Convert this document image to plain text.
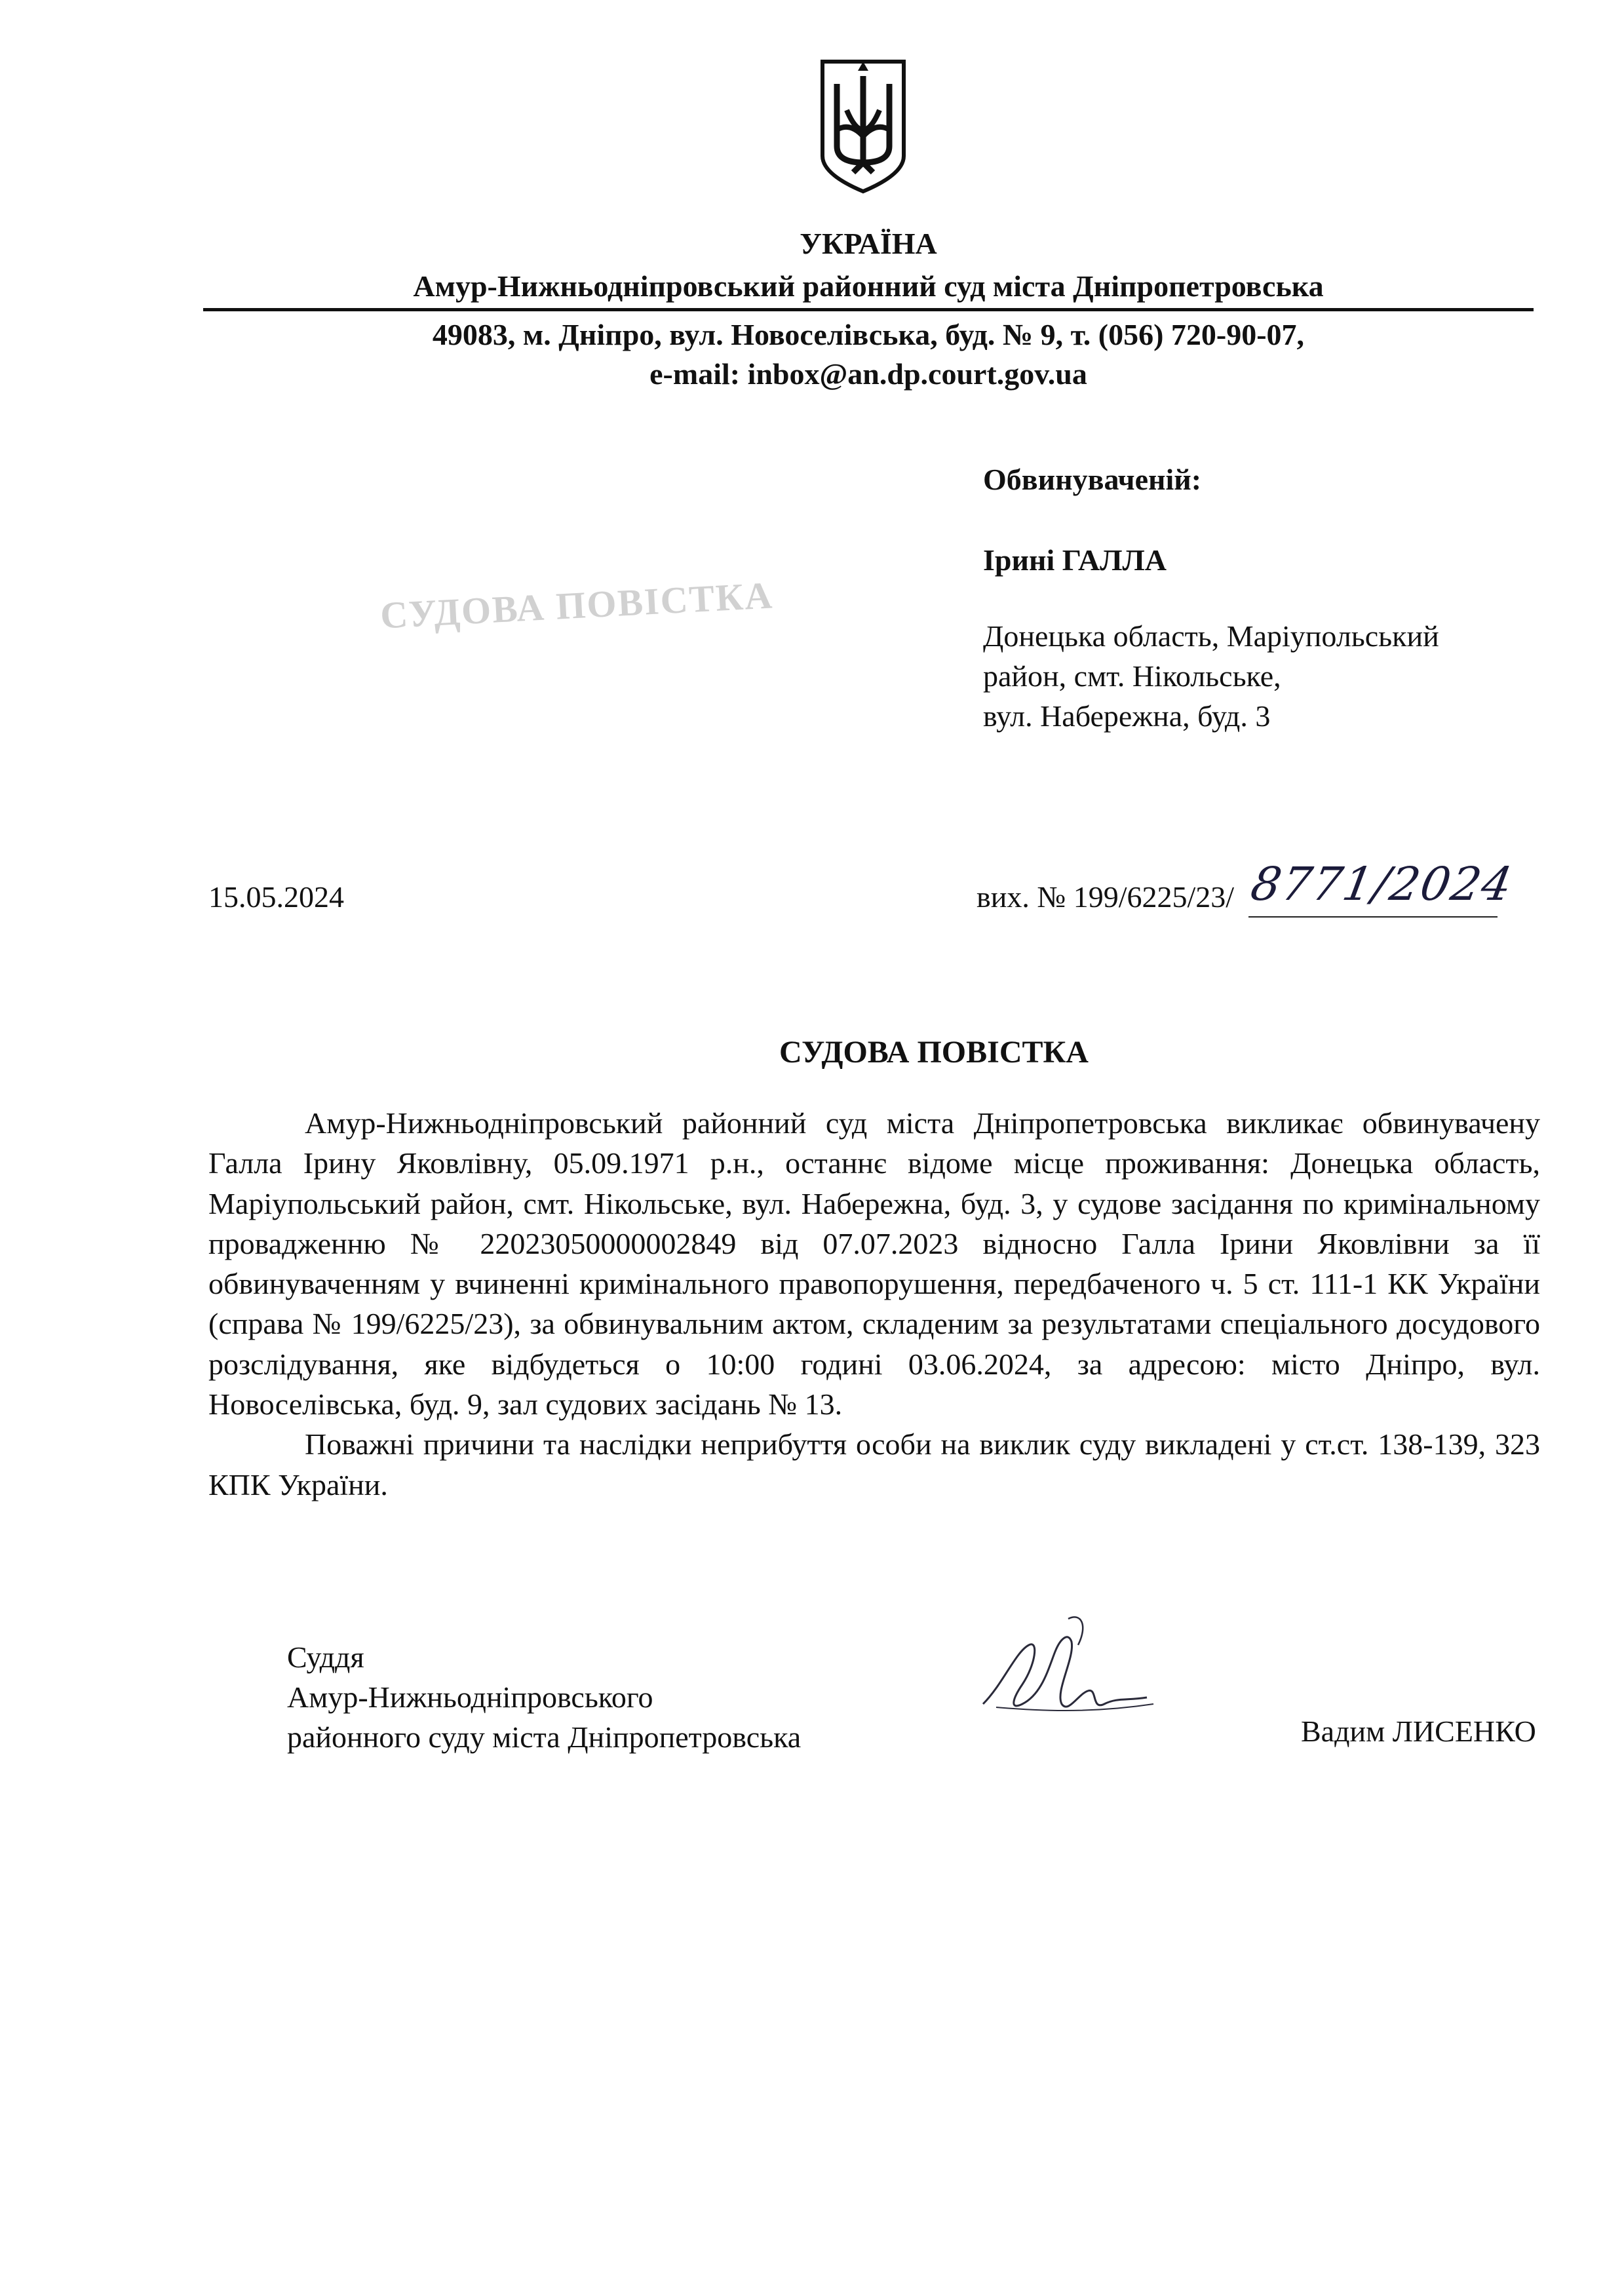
УКРАЇНА
Амур-Нижньодніпровський районний суд міста Дніпропетровська
49083, м. Дніпро, вул. Новоселівська, буд. № 9, т. (056) 720-90-07,
e-mail: inbox@an.dp.court.gov.ua
СУДОВА ПОВІСТКА
Обвинуваченій:
Ірині ГАЛЛА
Донецька область, Маріупольський
район, смт. Нікольське,
вул. Набережна, буд. 3
15.05.2024	вих. № 199/6225/23/ 8771/2024
СУДОВА ПОВІСТКА

Амур-Нижньодніпровський районний суд міста Дніпропетровська викликає обвинувачену Галла Ірину Яковлівну, 05.09.1971 р.н., останнє відоме місце проживання: Донецька область, Маріупольський район, смт. Нікольське, вул. Набережна, буд. 3, у судове засідання по кримінальному провадженню № 22023050000002849 від 07.07.2023 відносно Галла Ірини Яковлівни за її обвинуваченням у вчиненні кримінального правопорушення, передбаченого ч. 5 ст. 111-1 КК України (справа № 199/6225/23), за обвинувальним актом, складеним за результатами спеціального досудового розслідування, яке відбудеться о 10:00 годині 03.06.2024, за адресою: місто Дніпро, вул. Новоселівська, буд. 9, зал судових засідань № 13.

Поважні причини та наслідки неприбуття особи на виклик суду викладені у ст.ст. 138-139, 323 КПК України.

Суддя
Амур-Нижньодніпровського
районного суду міста Дніпропетровська	Вадим ЛИСЕНКО
